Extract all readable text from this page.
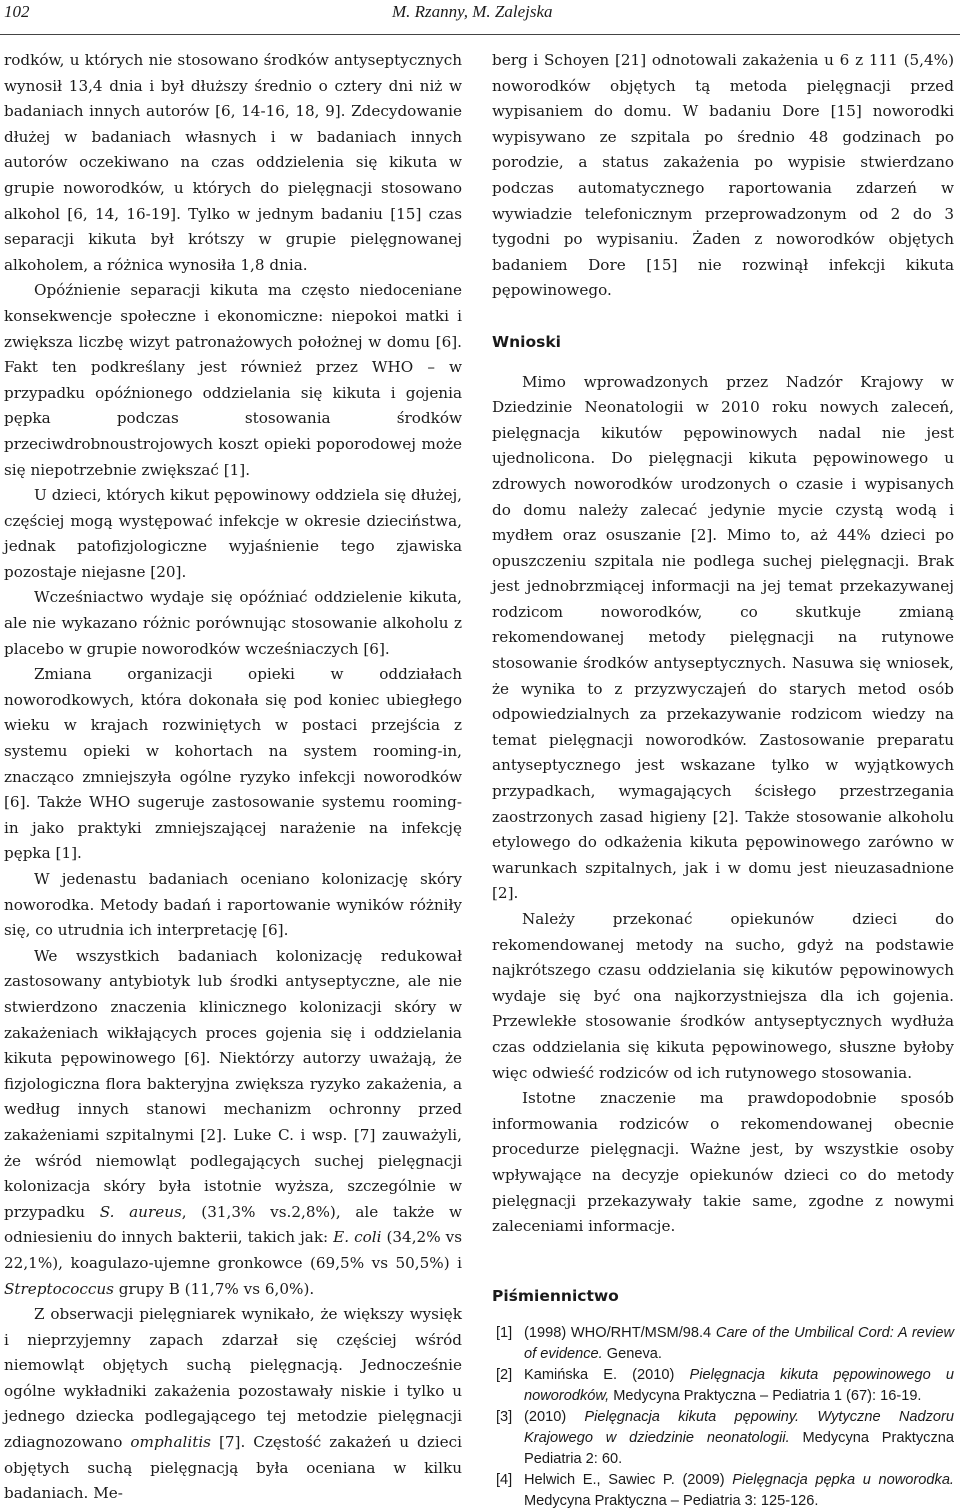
102	M. Rzanny, M. Zalejska

rodków, u których nie stosowano środków antyseptycznych wynosił 13,4 dnia i był dłuższy średnio o cztery dni niż w badaniach innych autorów [6, 14-16, 18, 9]. Zdecydowanie dłużej w badaniach własnych i w badaniach innych autorów oczekiwano na czas oddzielenia się kikuta w grupie noworodków, u których do pielęgnacji stosowano alkohol [6, 14, 16-19]. Tylko w jednym badaniu [15] czas separacji kikuta był krótszy w grupie pielęgnowanej alkoholem, a różnica wynosiła 1,8 dnia.

Opóźnienie separacji kikuta ma często niedoceniane konsekwencje społeczne i ekonomiczne: niepokoi matki i zwiększa liczbę wizyt patronażowych położnej w domu [6]. Fakt ten podkreślany jest również przez WHO – w przypadku opóźnionego oddzielania się kikuta i gojenia pępka podczas stosowania środków przeciwdrobnoustrojowych koszt opieki poporodowej może się niepotrzebnie zwiększać [1].

U dzieci, których kikut pępowinowy oddziela się dłużej, częściej mogą występować infekcje w okresie dzieciństwa, jednak patofizjologiczne wyjaśnienie tego zjawiska pozostaje niejasne [20].

Wcześniactwo wydaje się opóźniać oddzielenie kikuta, ale nie wykazano różnic porównując stosowanie alkoholu z placebo w grupie noworodków wcześniaczych [6].

Zmiana organizacji opieki w oddziałach noworodkowych, która dokonała się pod koniec ubiegłego wieku w krajach rozwiniętych w postaci przejścia z systemu opieki w kohortach na system rooming-in, znacząco zmniejszyła ogólne ryzyko infekcji noworodków [6]. Także WHO sugeruje zastosowanie systemu rooming-in jako praktyki zmniejszającej narażenie na infekcję pępka [1].

W jedenastu badaniach oceniano kolonizację skóry noworodka. Metody badań i raportowanie wyników różniły się, co utrudnia ich interpretację [6].

We wszystkich badaniach kolonizację redukował zastosowany antybiotyk lub środki antyseptyczne, ale nie stwierdzono znaczenia klinicznego kolonizacji skóry w zakażeniach wikłających proces gojenia się i oddzielania kikuta pępowinowego [6]. Niektórzy autorzy uważają, że fizjologiczna flora bakteryjna zwiększa ryzyko zakażenia, a według innych stanowi mechanizm ochronny przed zakażeniami szpitalnymi [2]. Luke C. i wsp. [7] zauważyli, że wśród niemowląt podlegających suchej pielęgnacji kolonizacja skóry była istotnie wyższa, szczególnie w przypadku S. aureus, (31,3% vs.2,8%), ale także w odniesieniu do innych bakterii, takich jak: E. coli (34,2% vs 22,1%), koagulazo-ujemne gronkowce (69,5% vs 50,5%) i Streptococcus grupy B (11,7% vs 6,0%).

Z obserwacji pielęgniarek wynikało, że większy wysięk i nieprzyjemny zapach zdarzał się częściej wśród niemowląt objętych suchą pielęgnacją. Jednocześnie ogólne wykładniki zakażenia pozostawały niskie i tylko u jednego dziecka podlegającego tej metodzie pielęgnacji zdiagnozowano omphalitis [7]. Częstość zakażeń u dzieci objętych suchą pielęgnacją była oceniana w kilku badaniach. Me-

berg i Schoyen [21] odnotowali zakażenia u 6 z 111 (5,4%) noworodków objętych tą metoda pielęgnacji przed wypisaniem do domu. W badaniu Dore [15] noworodki wypisywano ze szpitala po średnio 48 godzinach po porodzie, a status zakażenia po wypisie stwierdzano podczas automatycznego raportowania zdarzeń w wywiadzie telefonicznym przeprowadzonym od 2 do 3 tygodni po wypisaniu. Żaden z noworodków objętych badaniem Dore [15] nie rozwinął infekcji kikuta pępowinowego.

Wnioski

Mimo wprowadzonych przez Nadzór Krajowy w Dziedzinie Neonatologii w 2010 roku nowych zaleceń, pielęgnacja kikutów pępowinowych nadal nie jest ujednolicona. Do pielęgnacji kikuta pępowinowego u zdrowych noworodków urodzonych o czasie i wypisanych do domu należy zalecać jedynie mycie czystą wodą i mydłem oraz osuszanie [2]. Mimo to, aż 44% dzieci po opuszczeniu szpitala nie podlega suchej pielęgnacji. Brak jest jednobrzmiącej informacji na jej temat przekazywanej rodzicom noworodków, co skutkuje zmianą rekomendowanej metody pielęgnacji na rutynowe stosowanie środków antyseptycznych. Nasuwa się wniosek, że wynika to z przyzwyczajeń do starych metod osób odpowiedzialnych za przekazywanie rodzicom wiedzy na temat pielęgnacji noworodków. Zastosowanie preparatu antyseptycznego jest wskazane tylko w wyjątkowych przypadkach, wymagających ścisłego przestrzegania zaostrzonych zasad higieny [2]. Także stosowanie alkoholu etylowego do odkażenia kikuta pępowinowego zarówno w warunkach szpitalnych, jak i w domu jest nieuzasadnione [2].

Należy przekonać opiekunów dzieci do rekomendowanej metody na sucho, gdyż na podstawie najkrótszego czasu oddzielania się kikutów pępowinowych wydaje się być ona najkorzystniejsza dla ich gojenia. Przewlekłe stosowanie środków antyseptycznych wydłuża czas oddzielania się kikuta pępowinowego, słuszne byłoby więc odwieść rodziców od ich rutynowego stosowania.

Istotne znaczenie ma prawdopodobnie sposób informowania rodziców o rekomendowanej obecnie procedurze pielęgnacji. Ważne jest, by wszystkie osoby wpływające na decyzje opiekunów dzieci co do metody pielęgnacji przekazywały takie same, zgodne z nowymi zaleceniami informacje.

Piśmiennictwo
[1] (1998) WHO/RHT/MSM/98.4 Care of the Umbilical Cord: A review of evidence. Geneva.
[2] Kamińska E. (2010) Pielęgnacja kikuta pępowinowego u noworodków, Medycyna Praktyczna – Pediatria 1 (67): 16-19.
[3] (2010) Pielęgnacja kikuta pępowiny. Wytyczne Nadzoru Krajowego w dziedzinie neonatologii. Medycyna Praktyczna Pediatria 2: 60.
[4] Helwich E., Sawiec P. (2009) Pielęgnacja pępka u noworodka. Medycyna Praktyczna – Pediatria 3: 125-126.
